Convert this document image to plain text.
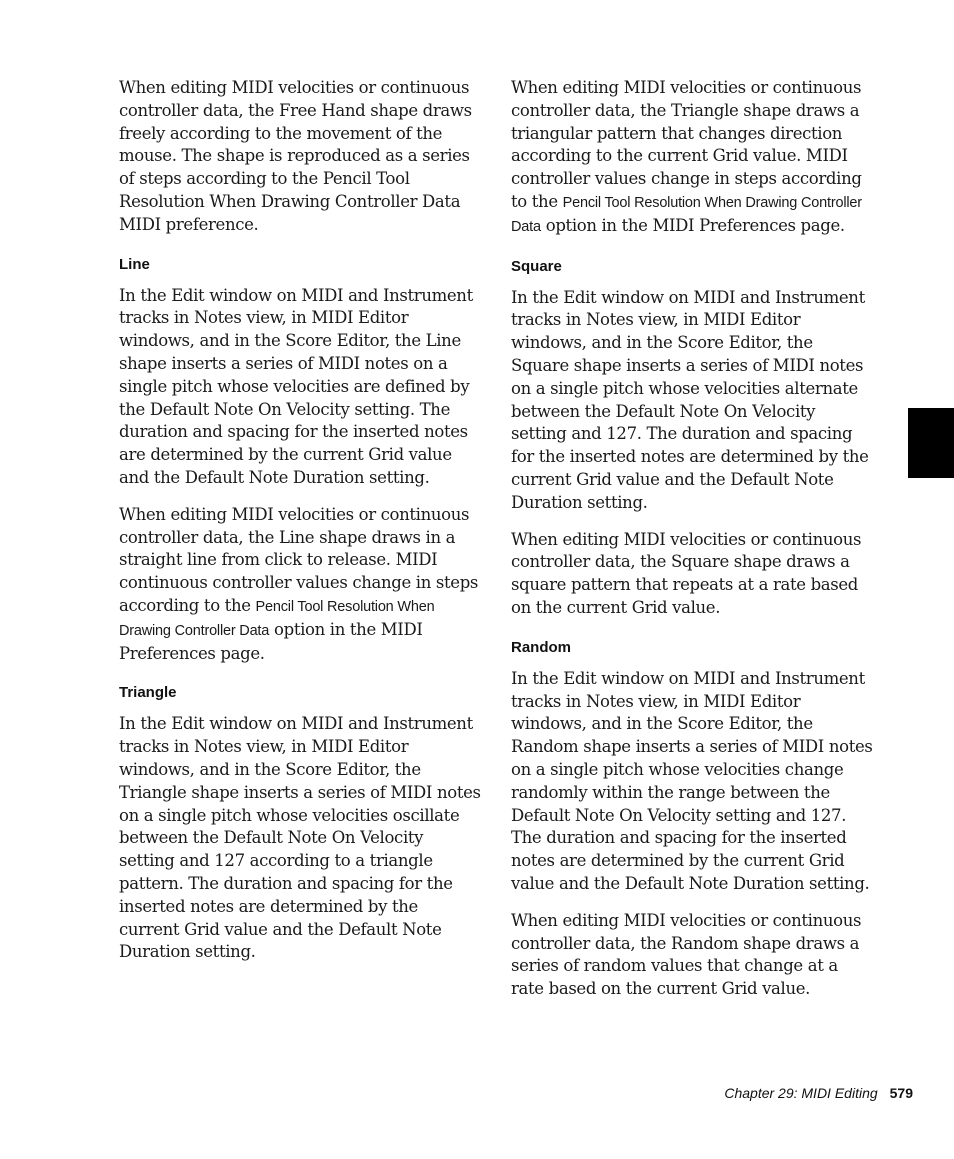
When editing MIDI velocities or continuous controller data, the Free Hand shape draws freely according to the movement of the mouse. The shape is reproduced as a series of steps according to the Pencil Tool Resolution When Drawing Controller Data MIDI preference.

Line

In the Edit window on MIDI and Instrument tracks in Notes view, in MIDI Editor windows, and in the Score Editor, the Line shape inserts a series of MIDI notes on a single pitch whose velocities are defined by the Default Note On Velocity setting. The duration and spacing for the inserted notes are determined by the current Grid value and the Default Note Duration setting.

When editing MIDI velocities or continuous controller data, the Line shape draws in a straight line from click to release. MIDI continuous controller values change in steps according to the Pencil Tool Resolution When Drawing Controller Data option in the MIDI Preferences page.

Triangle

In the Edit window on MIDI and Instrument tracks in Notes view, in MIDI Editor windows, and in the Score Editor, the Triangle shape inserts a series of MIDI notes on a single pitch whose velocities oscillate between the Default Note On Velocity setting and 127 according to a triangle pattern. The duration and spacing for the inserted notes are determined by the current Grid value and the Default Note Duration setting.

When editing MIDI velocities or continuous controller data, the Triangle shape draws a triangular pattern that changes direction according to the current Grid value. MIDI controller values change in steps according to the Pencil Tool Resolution When Drawing Controller Data option in the MIDI Preferences page.

Square

In the Edit window on MIDI and Instrument tracks in Notes view, in MIDI Editor windows, and in the Score Editor, the Square shape inserts a series of MIDI notes on a single pitch whose velocities alternate between the Default Note On Velocity setting and 127. The duration and spacing for the inserted notes are determined by the current Grid value and the Default Note Duration setting.

When editing MIDI velocities or continuous controller data, the Square shape draws a square pattern that repeats at a rate based on the current Grid value.

Random

In the Edit window on MIDI and Instrument tracks in Notes view, in MIDI Editor windows, and in the Score Editor, the Random shape inserts a series of MIDI notes on a single pitch whose velocities change randomly within the range between the Default Note On Velocity setting and 127. The duration and spacing for the inserted notes are determined by the current Grid value and the Default Note Duration setting.

When editing MIDI velocities or continuous controller data, the Random shape draws a series of random values that change at a rate based on the current Grid value.

Chapter 29: MIDI Editing 579
